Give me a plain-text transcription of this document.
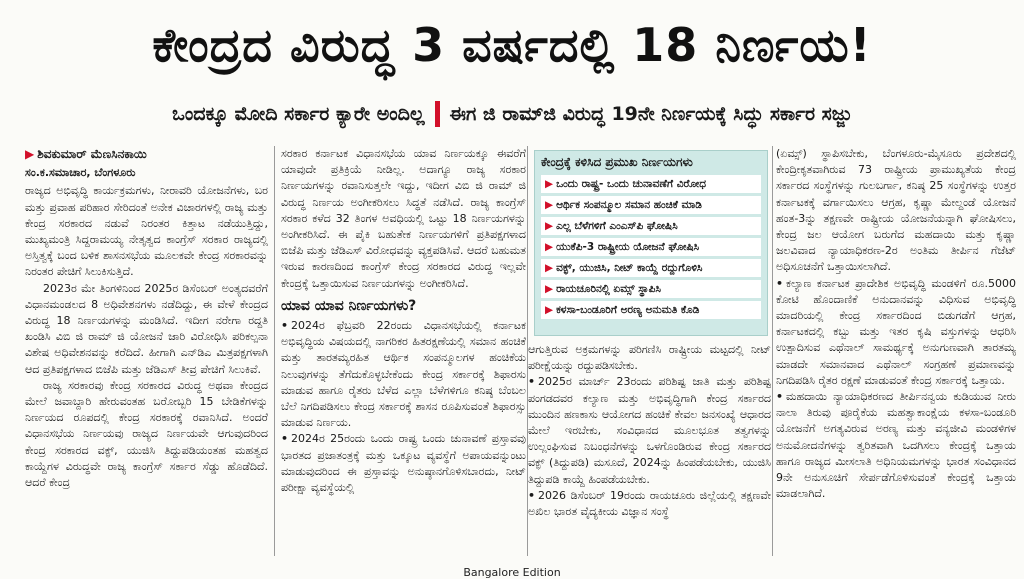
ಕೇಂದ್ರದ ವಿರುದ್ಧ 3 ವರ್ಷದಲ್ಲಿ 18 ನಿರ್ಣಯ!
ಒಂದಕ್ಕೂ ಮೋದಿ ಸರ್ಕಾರ ಕ್ಯಾರೇ ಅಂದಿಲ್ಲ ಈಗ ಜಿ ರಾಮ್‌ಜಿ ವಿರುದ್ಧ 19ನೇ ನಿರ್ಣಯಕ್ಕೆ ಸಿದ್ಧು ಸರ್ಕಾರ ಸಜ್ಜು
▶ ಶಿವಕುಮಾರ್ ಮೆಣಸಿನಕಾಯಿ
ಸಂ.ಕ.ಸಮಾಚಾರ, ಬೆಂಗಳೂರು

ರಾಜ್ಯದ ಅಭಿವೃದ್ಧಿ ಕಾರ್ಯಕ್ರಮಗಳು, ನೀರಾವರಿ ಯೋಜನೆಗಳು, ಬರ ಮತ್ತು ಪ್ರವಾಹ ಪರಿಹಾರ ಸೇರಿದಂತೆ ಅನೇಕ ವಿಚಾರಗಳಲ್ಲಿ ರಾಜ್ಯ ಮತ್ತು ಕೇಂದ್ರ ಸರಕಾರದ ನಡುವೆ ನಿರಂತರ ಕಿತ್ತಾಟ ನಡೆಯುತ್ತಿದ್ದು, ಮುಖ್ಯಮಂತ್ರಿ ಸಿದ್ದರಾಮಯ್ಯ ನೇತೃತ್ವದ ಕಾಂಗ್ರೆಸ್ ಸರಕಾರ ರಾಜ್ಯದಲ್ಲಿ ಅಸ್ತಿತ್ವಕ್ಕೆ ಬಂದ ಬಳಿಕ ಶಾಸನಸಭೆಯ ಮೂಲಕವೇ ಕೇಂದ್ರ ಸರಕಾರವನ್ನು ನಿರಂತರ ಪೇಚಿಗೆ ಸಿಲುಕಿಸುತ್ತಿದೆ.

2023ರ ಮೇ ತಿಂಗಳಿನಿಂದ 2025ರ ಡಿಸೆಂಬರ್ ಅಂತ್ಯದವರೆಗೆ ವಿಧಾನಮಂಡಲದ 8 ಅಧಿವೇಶನಗಳು ನಡೆದಿದ್ದು, ಈ ವೇಳೆ ಕೇಂದ್ರದ ವಿರುದ್ಧ 18 ನಿರ್ಣಯಗಳನ್ನು ಮಂಡಿಸಿದೆ. ಇದೀಗ ನರೇಗಾ ರದ್ದತಿ ಖಂಡಿಸಿ ವಿಬಿ ಜಿ ರಾಮ್ ಜಿ ಯೋಜನೆ ಜಾರಿ ವಿರೋಧಿಸಿ ಪರಿಕಲ್ಪನಾ ವಿಶೇಷ ಅಧಿವೇಶನವನ್ನು ಕರೆದಿದೆ. ಹೀಗಾಗಿ ಎನ್‌ಡಿಎ ಮಿತ್ರಪಕ್ಷಗಳಾಗಿ ಆದ ಪ್ರತಿಪಕ್ಷಗಳಾದ ಬಿಜೆಪಿ ಮತ್ತು ಜೆಡಿಎಸ್ ತೀವ್ರ ಪೇಚಿಗೆ ಸಿಲುಕಿವೆ.

ರಾಜ್ಯ ಸರಕಾರವು ಕೇಂದ್ರ ಸರಕಾರದ ವಿರುದ್ಧ ಅಥವಾ ಕೇಂದ್ರದ ಮೇಲೆ ಜವಾಬ್ದಾರಿ ಹೇರುವಂತಹ ಬರೋಬ್ಬರಿ 15 ಬೇಡಿಕೆಗಳನ್ನು ನಿರ್ಣಯದ ರೂಪದಲ್ಲಿ ಕೇಂದ್ರ ಸರಕಾರಕ್ಕೆ ರವಾನಿಸಿದೆ. ಅಂದರೆ ವಿಧಾನಸಭೆಯ ನಿರ್ಣಯವು ರಾಜ್ಯದ ನಿರ್ಣಯವೇ ಆಗುವುದರಿಂದ ಕೇಂದ್ರ ಸರಕಾರದ ವಕ್ಫ್, ಯುಜಿಸಿ ತಿದ್ದುಪಡಿಯಂತಹ ಮಹತ್ವದ ಕಾಯ್ದೆಗಳ ವಿರುದ್ಧವೇ ರಾಜ್ಯ ಕಾಂಗ್ರೆಸ್ ಸರ್ಕಾರ ಸೆಡ್ಡು ಹೊಡೆದಿದೆ. ಆದರೆ ಕೇಂದ್ರ

ಸರಕಾರ ಕರ್ನಾಟಕ ವಿಧಾನಸಭೆಯ ಯಾವ ನಿರ್ಣಯಕ್ಕೂ ಈವರೆಗೆ ಯಾವುದೇ ಪ್ರತಿಕ್ರಿಯೆ ನೀಡಿಲ್ಲ. ಅದಾಗ್ಯೂ ರಾಜ್ಯ ಸರಕಾರ ನಿರ್ಣಯಗಳನ್ನು ರವಾನಿಸುತ್ತಲೇ ಇದ್ದು, ಇದೀಗ ವಿಬಿ ಜಿ ರಾಮ್ ಜಿ ವಿರುದ್ಧ ನಿರ್ಣಯ ಅಂಗೀಕರಿಸಲು ಸಿದ್ಧತೆ ನಡೆಸಿದೆ. ರಾಜ್ಯ ಕಾಂಗ್ರೆಸ್ ಸರಕಾರ ಕಳೆದ 32 ತಿಂಗಳ ಅವಧಿಯಲ್ಲಿ ಒಟ್ಟು 18 ನಿರ್ಣಯಗಳನ್ನು ಅಂಗೀಕರಿಸಿದೆ. ಈ ಪೈಕಿ ಬಹುತೇಕ ನಿರ್ಣಯಗಳಿಗೆ ಪ್ರತಿಪಕ್ಷಗಳಾದ ಬಿಜೆಪಿ ಮತ್ತು ಜೆಡಿಎಸ್ ವಿರೋಧವನ್ನು ವ್ಯಕ್ತಪಡಿಸಿವೆ. ಆದರೆ ಬಹುಮತ ಇರುವ ಕಾರಣದಿಂದ ಕಾಂಗ್ರೆಸ್ ಕೇಂದ್ರ ಸರಕಾರದ ವಿರುದ್ಧ ಇಲ್ಲವೇ ಕೇಂದ್ರಕ್ಕೆ ಒತ್ತಾಯಿಸುವ ನಿರ್ಣಯಗಳನ್ನು ಅಂಗೀಕರಿಸಿದೆ.

ಯಾವ ಯಾವ ನಿರ್ಣಯಗಳು?

• 2024ರ ಫೆಬ್ರವರಿ 22ರಂದು ವಿಧಾನಸಭೆಯಲ್ಲಿ ಕರ್ನಾಟಕ ಅಭಿವೃದ್ಧಿಯ ವಿಷಯದಲ್ಲಿ ನಾಗರಿಕರ ಹಿತರಕ್ಷಣೆಯಲ್ಲಿ ಸಮಾನ ಹಂಚಿಕೆ ಮತ್ತು ತಾರತಮ್ಯರಹಿತ ಆರ್ಥಿಕ ಸಂಪನ್ಮೂಲಗಳ ಹಂಚಿಕೆಯ ನಿಲುವುಗಳನ್ನು ತೆಗೆದುಕೊಳ್ಳಬೇಕೆಂದು ಕೇಂದ್ರ ಸರ್ಕಾರಕ್ಕೆ ಶಿಫಾರಸು ಮಾಡುವ ಹಾಗೂ ರೈತರು ಬೆಳೆದ ಎಲ್ಲಾ ಬೆಳೆಗಳಿಗೂ ಕನಿಷ್ಠ ಬೆಂಬಲ ಬೆಲೆ ನಿಗದಿಪಡಿಸಲು ಕೇಂದ್ರ ಸರ್ಕಾರಕ್ಕೆ ಶಾಸನ ರೂಪಿಸುವಂತೆ ಶಿಫಾರಸ್ಸು ಮಾಡುವ ನಿರ್ಣಯ.

• 2024ರ 25ರಂದು ಒಂದು ರಾಷ್ಟ್ರ ಒಂದು ಚುನಾವಣೆ ಪ್ರಸ್ತಾವವು ಭಾರತದ ಪ್ರಜಾತಂತ್ರಕ್ಕೆ ಮತ್ತು ಒಕ್ಕೂಟ ವ್ಯವಸ್ಥೆಗೆ ಅಪಾಯವನ್ನುಂಟು ಮಾಡುವುದರಿಂದ ಈ ಪ್ರಸ್ತಾವನ್ನು ಅನುಷ್ಠಾನಗೊಳಿಸಬಾರದು, ನೀಟ್ ಪರೀಕ್ಷಾ ವ್ಯವಸ್ಥೆಯಲ್ಲಿ

ಕೇಂದ್ರಕ್ಕೆ ಕಳಿಸಿದ ಪ್ರಮುಖ ನಿರ್ಣಯಗಳು
▶ ಒಂದು ರಾಷ್ಟ್ರ- ಒಂದು ಚುನಾವಣೆಗೆ ವಿರೋಧ
▶ ಆರ್ಥಿಕ ಸಂಪನ್ಮೂಲ ಸಮಾನ ಹಂಚಿಕೆ ಮಾಡಿ
▶ ಎಲ್ಲ ಬೆಳೆಗಳಿಗೆ ಎಂಎಸ್‌ಪಿ ಘೋಷಿಸಿ
▶ ಯುಕೆಪಿ-3 ರಾಷ್ಟ್ರೀಯ ಯೋಜನೆ ಘೋಷಿಸಿ
▶ ವಕ್ಫ್, ಯುಜಿಸಿ, ನೀಟ್ ಕಾಯ್ದೆ ರದ್ದುಗೊಳಿಸಿ
▶ ರಾಯಚೂರಿನಲ್ಲಿ ಏಮ್ಸ್ ಸ್ಥಾಪಿಸಿ
▶ ಕಳಸಾ-ಬಂಡೂರಿಗೆ ಅರಣ್ಯ ಅನುಮತಿ ಕೊಡಿ

ಆಗುತ್ತಿರುವ ಅಕ್ರಮಗಳನ್ನು ಪರಿಗಣಿಸಿ ರಾಷ್ಟ್ರೀಯ ಮಟ್ಟದಲ್ಲಿ ನೀಟ್ ಪರೀಕ್ಷೆಯನ್ನು ರದ್ದುಪಡಿಸಬೇಕು.

• 2025ರ ಮಾರ್ಚ್ 23ರಂದು ಪರಿಶಿಷ್ಟ ಜಾತಿ ಮತ್ತು ಪರಿಶಿಷ್ಟ ಪಂಗಡದವರ ಕಲ್ಯಾಣ ಮತ್ತು ಅಭಿವೃದ್ಧಿಗಾಗಿ ಕೇಂದ್ರ ಸರ್ಕಾರದ ಮುಂದಿನ ಹಣಕಾಸು ಆಯೋಗದ ಹಂಚಿಕೆ ಕೇವಲ ಜನಸಂಖ್ಯೆ ಆಧಾರದ ಮೇಲೆ ಇರಬೇಕು, ಸಂವಿಧಾನದ ಮೂಲಭೂತ ತತ್ವಗಳನ್ನು ಉಲ್ಲಂಘಿಸುವ ನಿಬಂಧನೆಗಳನ್ನು ಒಳಗೊಂಡಿರುವ ಕೇಂದ್ರ ಸರ್ಕಾರದ ವಕ್ಫ್ (ತಿದ್ದುಪಡಿ) ಮಸೂದೆ, 2024ನ್ನು ಹಿಂಪಡೆಯಬೇಕು, ಯುಜಿಸಿ ತಿದ್ದುಪಡಿ ಕಾಯ್ದೆ ಹಿಂಪಡೆಯಬೇಕು.

• 2026 ಡಿಸೆಂಬರ್ 19ರಂದು ರಾಯಚೂರು ಜಿಲ್ಲೆಯಲ್ಲಿ ತಕ್ಷಣವೇ ಅಖಿಲ ಭಾರತ ವೈದ್ಯಕೀಯ ವಿಜ್ಞಾನ ಸಂಸ್ಥೆ

(ಏಮ್ಸ್) ಸ್ಥಾಪಿಸಬೇಕು, ಬೆಂಗಳೂರು-ಮೈಸೂರು ಪ್ರದೇಶದಲ್ಲಿ ಕೇಂದ್ರೀಕೃತವಾಗಿರುವ 73 ರಾಷ್ಟ್ರೀಯ ಪ್ರಾಮುಖ್ಯತೆಯ ಕೇಂದ್ರ ಸರ್ಕಾರದ ಸಂಸ್ಥೆಗಳನ್ನು ಗುಲಬರ್ಗಾ, ಕನಿಷ್ಠ 25 ಸಂಸ್ಥೆಗಳನ್ನು ಉತ್ತರ ಕರ್ನಾಟಕಕ್ಕೆ ವರ್ಗಾಯಿಸಲು ಆಗ್ರಹ, ಕೃಷ್ಣಾ ಮೇಲ್ದಂಡೆ ಯೋಜನೆ ಹಂತ-3ನ್ನು ತಕ್ಷಣವೇ ರಾಷ್ಟ್ರೀಯ ಯೋಜನೆಯನ್ನಾಗಿ ಘೋಷಿಸಲು, ಕೇಂದ್ರ ಜಲ ಆಯೋಗ ಬರುಗೆದ ಮಹದಾಯಿ ಮತ್ತು ಕೃಷ್ಣಾ ಜಲವಿವಾದ ನ್ಯಾಯಾಧಿಕರಣ-2ರ ಅಂತಿಮ ತೀರ್ಪಿನ ಗೆಜೆಟ್ ಅಧಿಸೂಚನೆಗೆ ಒತ್ತಾಯಿಸಲಾಗಿದೆ.

• ಕಲ್ಯಾಣ ಕರ್ನಾಟಕ ಪ್ರಾದೇಶಿಕ ಅಭಿವೃದ್ಧಿ ಮಂಡಳಿಗೆ ರೂ.5000 ಕೋಟಿ ಹೊಂದಾಣಿಕೆ ಅನುದಾನವನ್ನು ವಿಧಿಸುವ ಅಭಿವೃದ್ಧಿ ಮಾದರಿಯಲ್ಲಿ ಕೇಂದ್ರ ಸರ್ಕಾರದಿಂದ ಬಿಡುಗಡೆಗೆ ಆಗ್ರಹ, ಕರ್ನಾಟಕದಲ್ಲಿ ಕಬ್ಬು ಮತ್ತು ಇತರ ಕೃಷಿ ವಸ್ತುಗಳನ್ನು ಆಧರಿಸಿ ಉತ್ಪಾದಿಸುವ ಎಥೆನಾಲ್ ಸಾಮರ್ಥ್ಯಕ್ಕೆ ಅನುಗುಣವಾಗಿ ತಾರತಮ್ಯ ಮಾಡದೇ ಸಮಾನವಾದ ಎಥೆನಾಲ್ ಸಂಗ್ರಹಣೆ ಪ್ರಮಾಣವನ್ನು ನಿಗದಿಪಡಿಸಿ ರೈತರ ರಕ್ಷಣೆ ಮಾಡುವಂತೆ ಕೇಂದ್ರ ಸರ್ಕಾರಕ್ಕೆ ಒತ್ತಾಯ.

• ಮಹದಾಯಿ ನ್ಯಾಯಾಧಿಕರಣದ ತೀರ್ಪಿನನ್ವಯ ಕುಡಿಯುವ ನೀರು ನಾಲಾ ತಿರುವು ಪೂರೈಕೆಯ ಮಹತ್ವಾಕಾಂಕ್ಷೆಯ ಕಳಸಾ-ಬಂಡೂರಿ ಯೋಜನೆಗೆ ಅಗತ್ಯವಿರುವ ಅರಣ್ಯ ಮತ್ತು ವನ್ಯಜೀವಿ ಮಂಡಳಿಗಳ ಅನುಮೋದನೆಗಳನ್ನು ತ್ವರಿತವಾಗಿ ಒದಗಿಸಲು ಕೇಂದ್ರಕ್ಕೆ ಒತ್ತಾಯ ಹಾಗೂ ರಾಜ್ಯದ ಮೀಸಲಾತಿ ಅಧಿನಿಯಮಗಳನ್ನು ಭಾರತ ಸಂವಿಧಾನದ 9ನೇ ಅನುಸೂಚಿಗೆ ಸೇರ್ಪಡೆಗೊಳಿಸುವಂತೆ ಕೇಂದ್ರಕ್ಕೆ ಒತ್ತಾಯ ಮಾಡಲಾಗಿದೆ.

Bangalore Edition
